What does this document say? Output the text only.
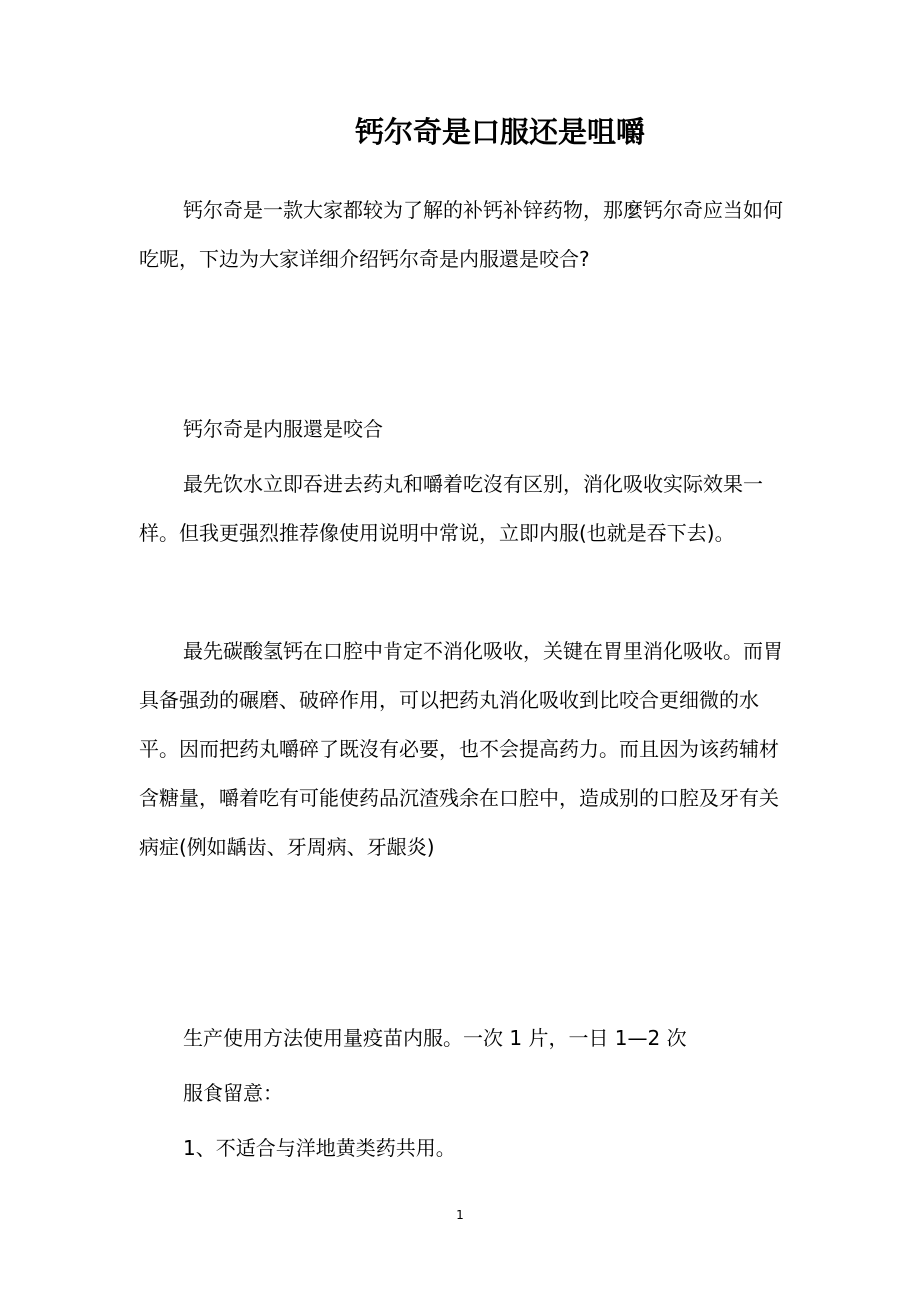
钙尔奇是口服还是咀嚼

钙尔奇是一款大家都较为了解的补钙补锌药物，那麼钙尔奇应当如何吃呢，下边为大家详细介绍钙尔奇是内服還是咬合?

钙尔奇是内服還是咬合

最先饮水立即吞进去药丸和嚼着吃沒有区别，消化吸收实际效果一样。但我更强烈推荐像使用说明中常说，立即内服(也就是吞下去)。

最先碳酸氢钙在口腔中肯定不消化吸收，关键在胃里消化吸收。而胃具备强劲的碾磨、破碎作用，可以把药丸消化吸收到比咬合更细微的水平。因而把药丸嚼碎了既沒有必要，也不会提高药力。而且因为该药辅材含糖量，嚼着吃有可能使药品沉渣残余在口腔中，造成别的口腔及牙有关病症(例如龋齿、牙周病、牙龈炎)

生产使用方法使用量疫苗内服。一次 1 片，一日 1—2 次

服食留意：

1、不适合与洋地黄类药共用。

1
